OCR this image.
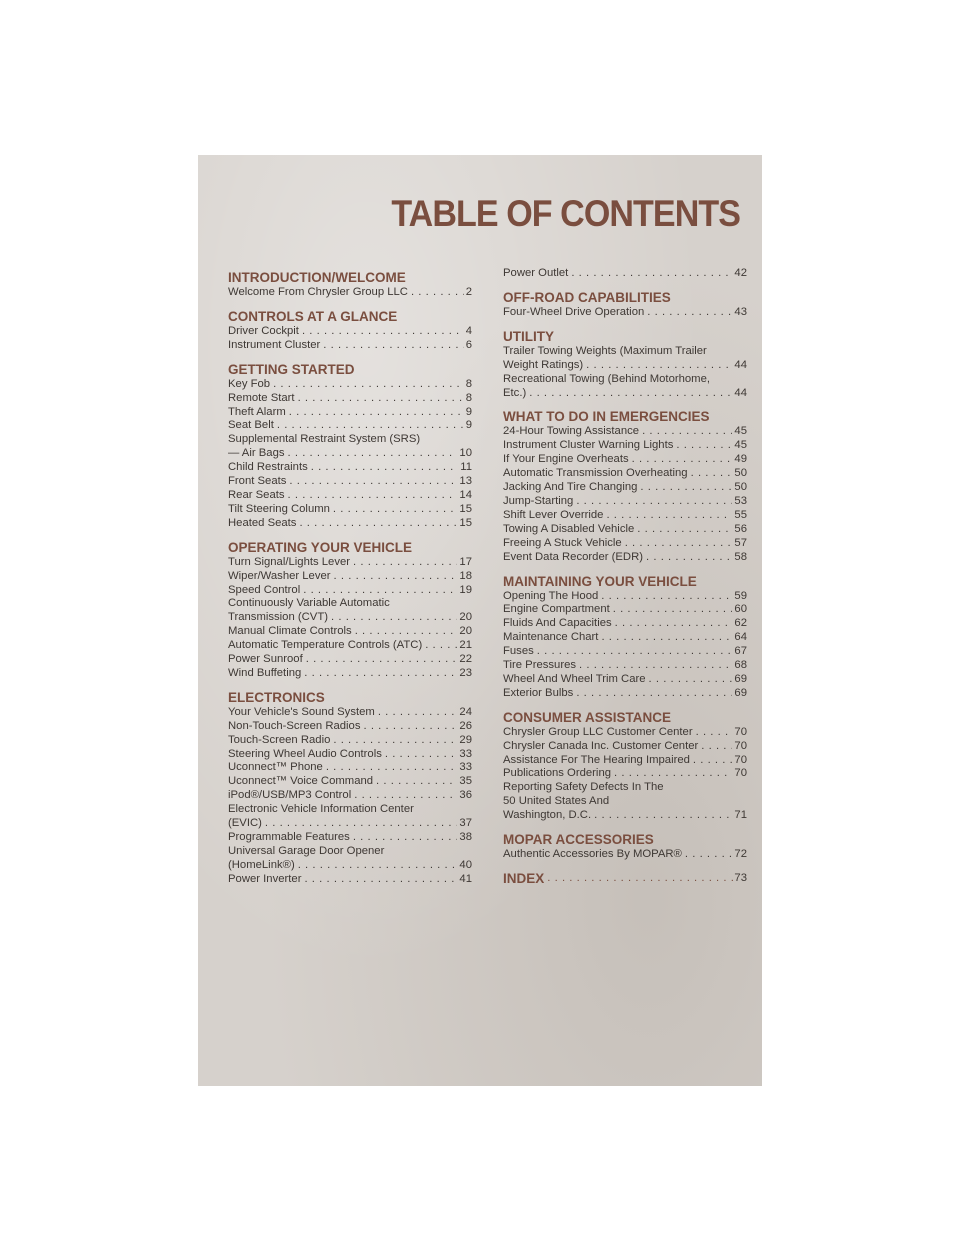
TABLE OF CONTENTS
INTRODUCTION/WELCOME
Welcome From Chrysler Group LLC .....	2
CONTROLS AT A GLANCE
Driver Cockpit .....	4
Instrument Cluster .....	6
GETTING STARTED
Key Fob .....	8
Remote Start .....	8
Theft Alarm .....	9
Seat Belt .....	9
Supplemental Restraint System (SRS)
— Air Bags .....	10
Child Restraints .....	11
Front Seats .....	13
Rear Seats .....	14
Tilt Steering Column .....	15
Heated Seats .....	15
OPERATING YOUR VEHICLE
Turn Signal/Lights Lever .....	17
Wiper/Washer Lever .....	18
Speed Control .....	19
Continuously Variable Automatic
Transmission (CVT) .....	20
Manual Climate Controls .....	20
Automatic Temperature Controls (ATC) .....	21
Power Sunroof .....	22
Wind Buffeting .....	23
ELECTRONICS
Your Vehicle's Sound System .....	24
Non-Touch-Screen Radios .....	26
Touch-Screen Radio .....	29
Steering Wheel Audio Controls .....	33
Uconnect™ Phone .....	33
Uconnect™ Voice Command .....	35
iPod®/USB/MP3 Control .....	36
Electronic Vehicle Information Center
(EVIC) .....	37
Programmable Features .....	38
Universal Garage Door Opener
(HomeLink®) .....	40
Power Inverter .....	41
Power Outlet .....	42
OFF-ROAD CAPABILITIES
Four-Wheel Drive Operation .....	43
UTILITY
Trailer Towing Weights (Maximum Trailer
Weight Ratings) .....	44
Recreational Towing (Behind Motorhome,
Etc.) .....	44
WHAT TO DO IN EMERGENCIES
24-Hour Towing Assistance .....	45
Instrument Cluster Warning Lights .....	45
If Your Engine Overheats .....	49
Automatic Transmission Overheating .....	50
Jacking And Tire Changing .....	50
Jump-Starting .....	53
Shift Lever Override .....	55
Towing A Disabled Vehicle .....	56
Freeing A Stuck Vehicle .....	57
Event Data Recorder (EDR) .....	58
MAINTAINING YOUR VEHICLE
Opening The Hood .....	59
Engine Compartment .....	60
Fluids And Capacities .....	62
Maintenance Chart .....	64
Fuses .....	67
Tire Pressures .....	68
Wheel And Wheel Trim Care .....	69
Exterior Bulbs .....	69
CONSUMER ASSISTANCE
Chrysler Group LLC Customer Center .....	70
Chrysler Canada Inc. Customer Center .....	70
Assistance For The Hearing Impaired .....	70
Publications Ordering .....	70
Reporting Safety Defects In The
50 United States And
Washington, D.C. .....	71
MOPAR ACCESSORIES
Authentic Accessories By MOPAR® .....	72
INDEX .....	73
